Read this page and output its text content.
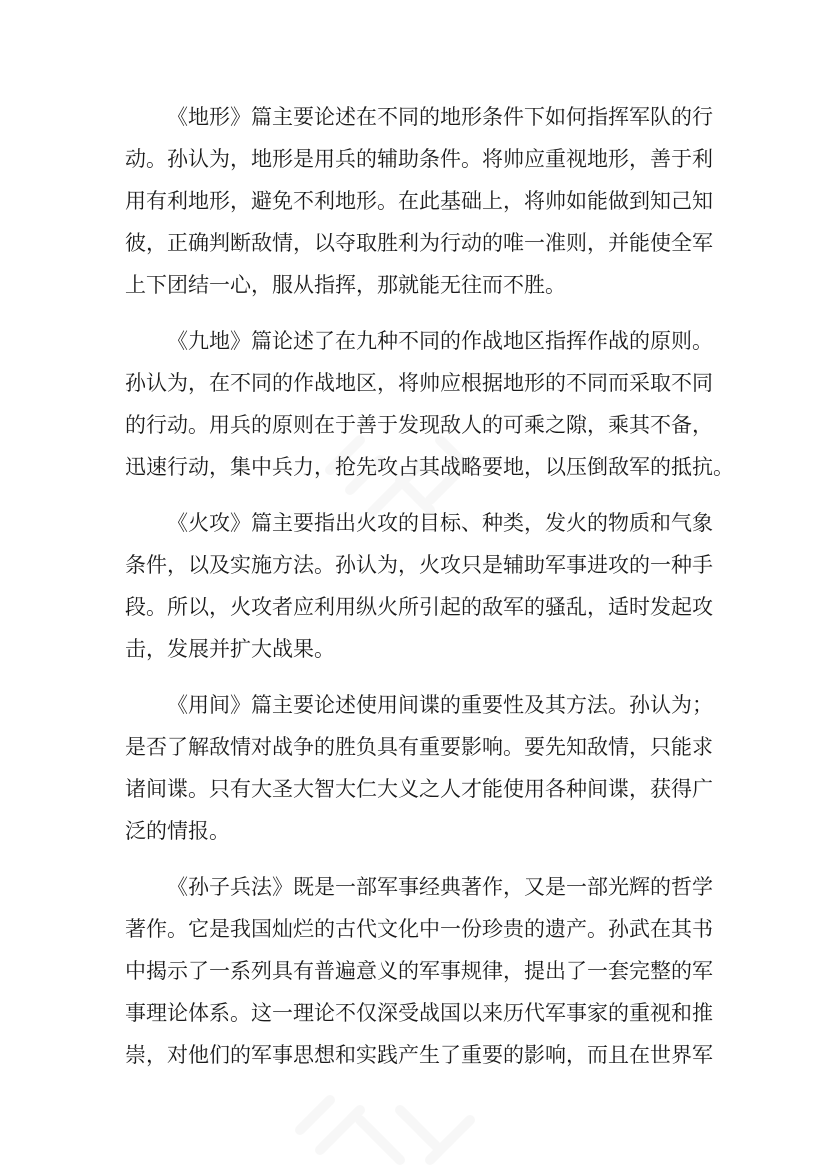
《地形》篇主要论述在不同的地形条件下如何指挥军队的行
动。孙认为，地形是用兵的辅助条件。将帅应重视地形，善于利
用有利地形，避免不利地形。在此基础上，将帅如能做到知己知
彼，正确判断敌情，以夺取胜利为行动的唯一准则，并能使全军
上下团结一心，服从指挥，那就能无往而不胜。
《九地》篇论述了在九种不同的作战地区指挥作战的原则。
孙认为，在不同的作战地区，将帅应根据地形的不同而采取不同
的行动。用兵的原则在于善于发现敌人的可乘之隙，乘其不备，
迅速行动，集中兵力，抢先攻占其战略要地，以压倒敌军的抵抗。
《火攻》篇主要指出火攻的目标、种类，发火的物质和气象
条件，以及实施方法。孙认为，火攻只是辅助军事进攻的一种手
段。所以，火攻者应利用纵火所引起的敌军的骚乱，适时发起攻
击，发展并扩大战果。
《用间》篇主要论述使用间谍的重要性及其方法。孙认为；
是否了解敌情对战争的胜负具有重要影响。要先知敌情，只能求
诸间谍。只有大圣大智大仁大义之人才能使用各种间谍，获得广
泛的情报。
《孙子兵法》既是一部军事经典著作，又是一部光辉的哲学
著作。它是我国灿烂的古代文化中一份珍贵的遗产。孙武在其书
中揭示了一系列具有普遍意义的军事规律，提出了一套完整的军
事理论体系。这一理论不仅深受战国以来历代军事家的重视和推
崇，对他们的军事思想和实践产生了重要的影响，而且在世界军
